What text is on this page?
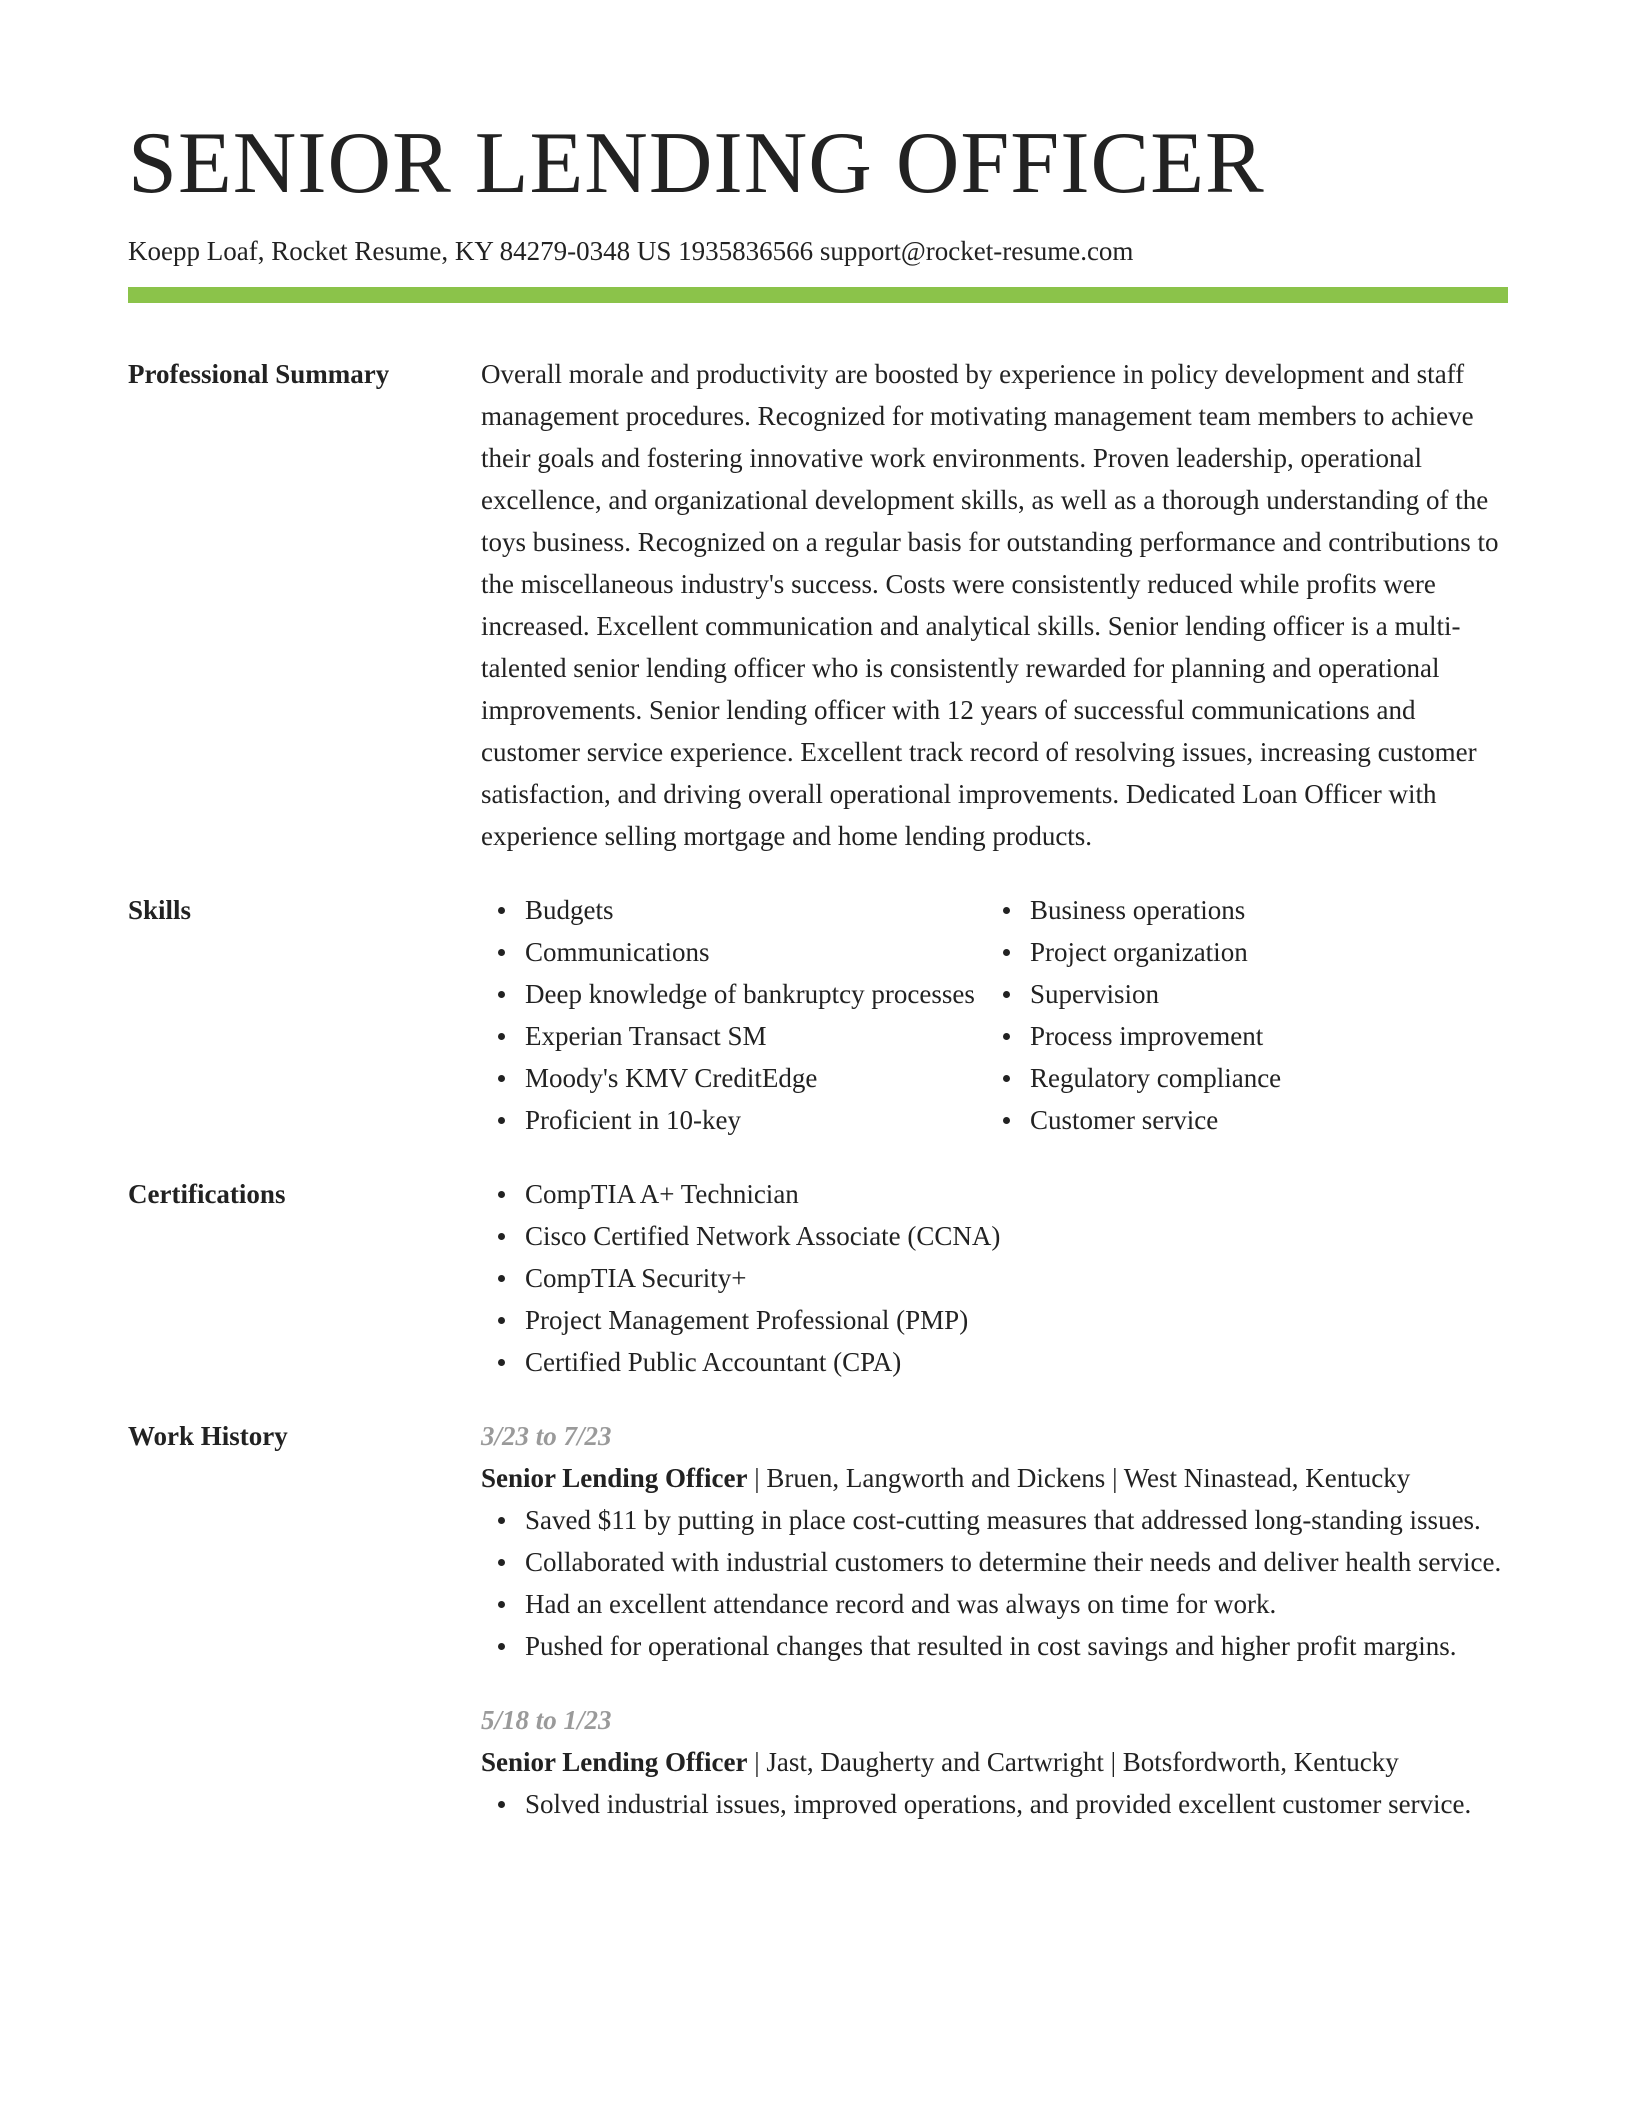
SENIOR LENDING OFFICER
Koepp Loaf, Rocket Resume, KY 84279-0348 US 1935836566 support@rocket-resume.com
Professional Summary	Overall morale and productivity are boosted by experience in policy development and staff management procedures. Recognized for motivating management team members to achieve their goals and fostering innovative work environments. Proven leadership, operational excellence, and organizational development skills, as well as a thorough understanding of the toys business. Recognized on a regular basis for outstanding performance and contributions to the miscellaneous industry's success. Costs were consistently reduced while profits were increased. Excellent communication and analytical skills. Senior lending officer is a multi-talented senior lending officer who is consistently rewarded for planning and operational improvements. Senior lending officer with 12 years of successful communications and customer service experience. Excellent track record of resolving issues, increasing customer satisfaction, and driving overall operational improvements. Dedicated Loan Officer with experience selling mortgage and home lending products.

Skills	Budgets
Communications
Deep knowledge of bankruptcy processes
Experian Transact SM
Moody's KMV CreditEdge
Proficient in 10-key
Business operations
Project organization
Supervision
Process improvement
Regulatory compliance
Customer service
Certifications	CompTIA A+ Technician
Cisco Certified Network Associate (CCNA)
CompTIA Security+
Project Management Professional (PMP)
Certified Public Accountant (CPA)
Work History	3/23 to 7/23
Senior Lending Officer | Bruen, Langworth and Dickens | West Ninastead, Kentucky
Saved $11 by putting in place cost-cutting measures that addressed long-standing issues.
Collaborated with industrial customers to determine their needs and deliver health service.
Had an excellent attendance record and was always on time for work.
Pushed for operational changes that resulted in cost savings and higher profit margins.
5/18 to 1/23
Senior Lending Officer | Jast, Daugherty and Cartwright | Botsfordworth, Kentucky
Solved industrial issues, improved operations, and provided excellent customer service.
